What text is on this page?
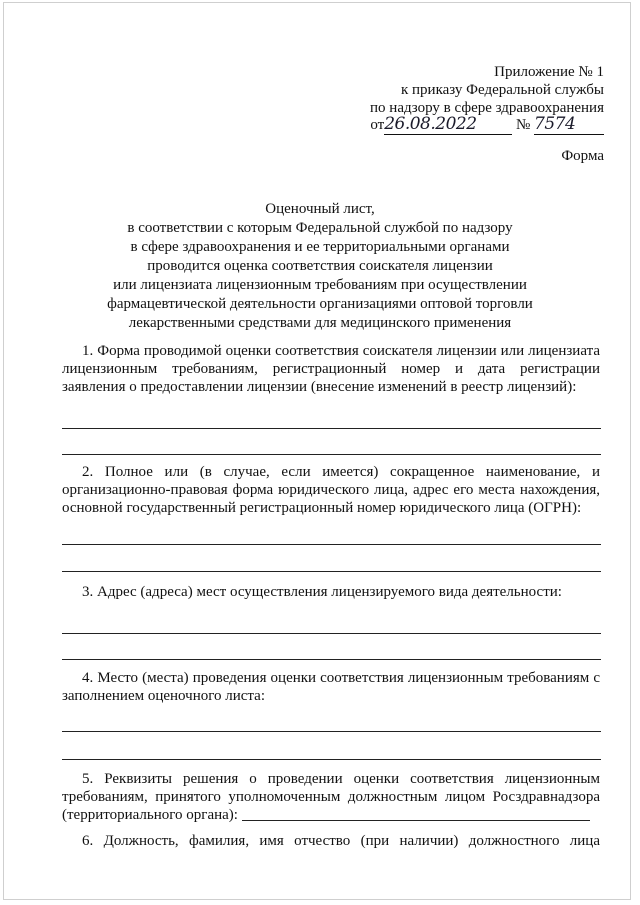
Приложение № 1
к приказу Федеральной службы
по надзору в сфере здравоохранения
от26.08.2022	№ 7574
Форма
Оценочный лист,
в соответствии с которым Федеральной службой по надзору
в сфере здравоохранения и ее территориальными органами
проводится оценка соответствия соискателя лицензии
или лицензиата лицензионным требованиям при осуществлении
фармацевтической деятельности организациями оптовой торговли
лекарственными средствами для медицинского применения
1. Форма проводимой оценки соответствия соискателя лицензии или лицензиата
лицензионным требованиям, регистрационный номер и дата регистрации
заявления о предоставлении лицензии (внесение изменений в реестр лицензий):
2. Полное или (в случае, если имеется) сокращенное наименование, и
организационно-правовая форма юридического лица, адрес его места нахождения,
основной государственный регистрационный номер юридического лица (ОГРН):
3. Адрес (адреса) мест осуществления лицензируемого вида деятельности:
4. Место (места) проведения оценки соответствия лицензионным требованиям с
заполнением оценочного листа:
5. Реквизиты решения о проведении оценки соответствия лицензионным
требованиям, принятого уполномоченным должностным лицом Росздравнадзора
(территориального органа):
6. Должность, фамилия, имя отчество (при наличии) должностного лица
